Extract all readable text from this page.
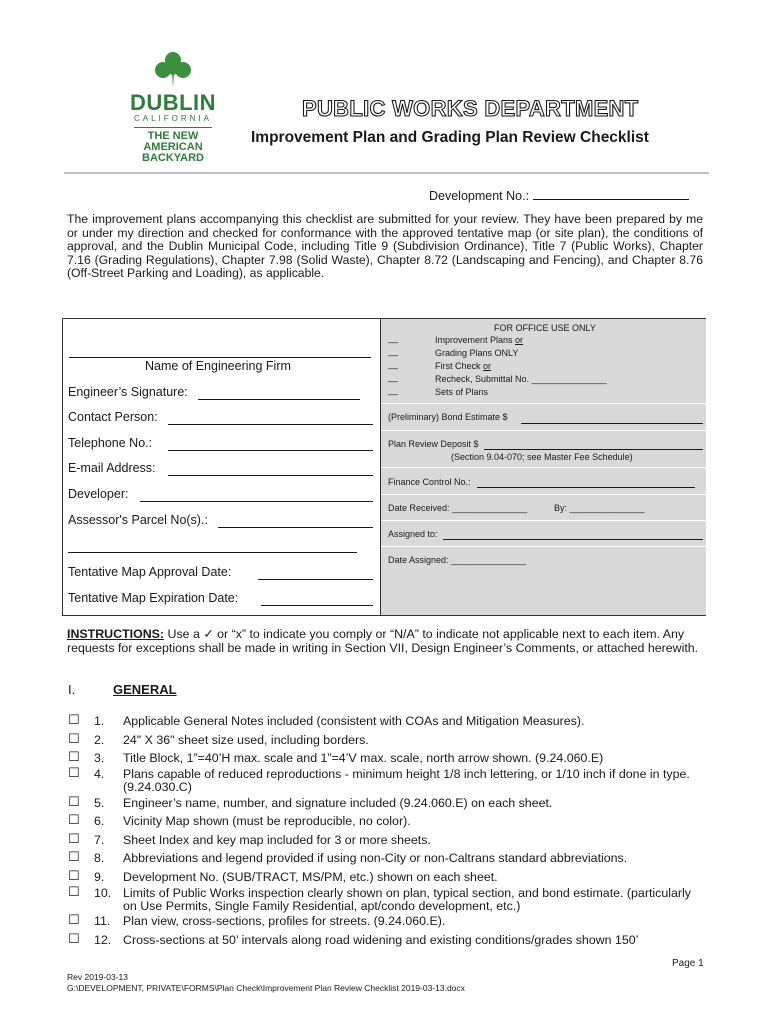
DUBLIN
CALIFORNIA
THE NEW
AMERICAN
BACKYARD
PUBLIC WORKS DEPARTMENT
Improvement Plan and Grading Plan Review Checklist
Development No.:
The improvement plans accompanying this checklist are submitted for your review. They have been prepared by me or under my direction and checked for conformance with the approved tentative map (or site plan), the conditions of approval, and the Dublin Municipal Code, including Title 9 (Subdivision Ordinance), Title 7 (Public Works), Chapter 7.16 (Grading Regulations), Chapter 7.98 (Solid Waste), Chapter 8.72 (Landscaping and Fencing), and Chapter 8.76 (Off-Street Parking and Loading), as applicable.
Name of Engineering Firm
Engineer’s Signature:
Contact Person:
Telephone No.:
E-mail Address:
Developer:
Assessor's Parcel No(s).:
Tentative Map Approval Date:
Tentative Map Expiration Date:
FOR OFFICE USE ONLY
__	Improvement Plans or
__	Grading Plans ONLY
__	First Check or
__	Recheck, Submittal No. _______________
__	Sets of Plans
(Preliminary) Bond Estimate $
Plan Review Deposit $
(Section 9.04-070; see Master Fee Schedule)
Finance Control No.:
Date Received: _______________	By: _______________
Assigned to:
Date Assigned: _______________
INSTRUCTIONS: Use a ✓ or “x” to indicate you comply or “N/A” to indicate not applicable next to each item. Any requests for exceptions shall be made in writing in Section VII, Design Engineer’s Comments, or attached herewith.
I.	GENERAL
☐ 1. Applicable General Notes included (consistent with COAs and Mitigation Measures).
☐ 2. 24" X 36" sheet size used, including borders.
☐ 3. Title Block, 1”=40’H max. scale and 1”=4’V max. scale, north arrow shown. (9.24.060.E)
☐ 4. Plans capable of reduced reproductions - minimum height 1/8 inch lettering, or 1/10 inch if done in type. (9.24.030.C)
☐ 5. Engineer’s name, number, and signature included (9.24.060.E) on each sheet.
☐ 6. Vicinity Map shown (must be reproducible, no color).
☐ 7. Sheet Index and key map included for 3 or more sheets.
☐ 8. Abbreviations and legend provided if using non-City or non-Caltrans standard abbreviations.
☐ 9. Development No. (SUB/TRACT, MS/PM, etc.) shown on each sheet.
☐ 10. Limits of Public Works inspection clearly shown on plan, typical section, and bond estimate. (particularly on Use Permits, Single Family Residential, apt/condo development, etc.)
☐ 11. Plan view, cross-sections, profiles for streets. (9.24.060.E).
☐ 12. Cross-sections at 50’ intervals along road widening and existing conditions/grades shown 150’
Page 1
Rev 2019-03-13
G:\DEVELOPMENT, PRIVATE\FORMS\Plan Check\Improvement Plan Review Checklist 2019-03-13.docx
